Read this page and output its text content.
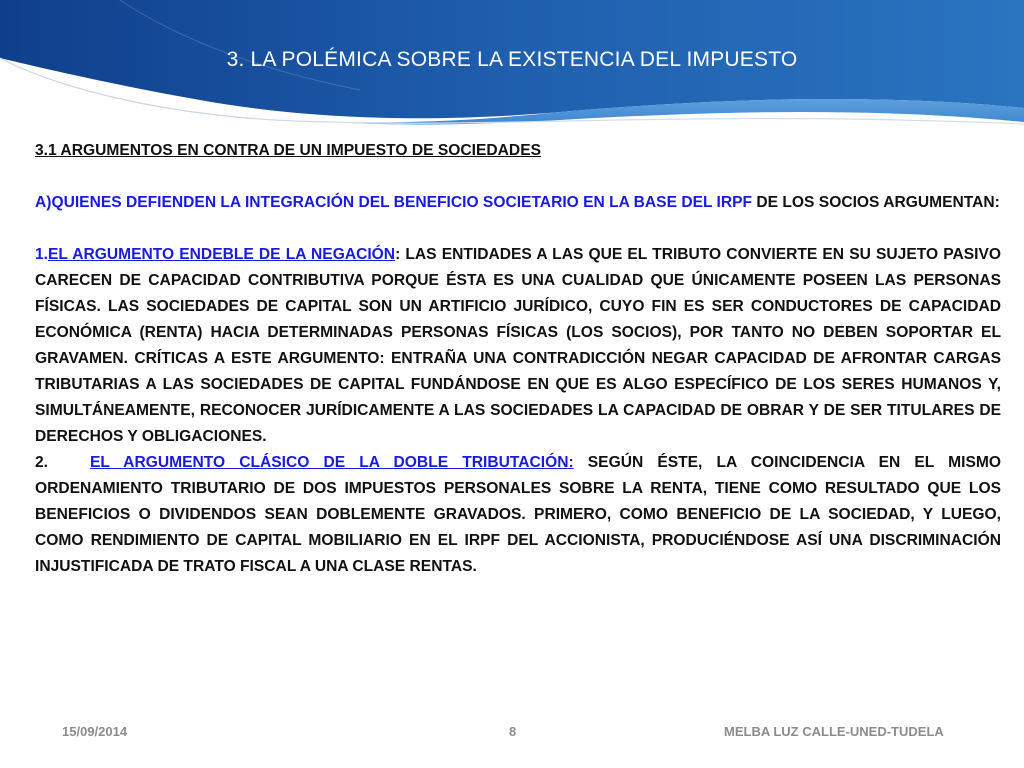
3. LA POLÉMICA SOBRE LA EXISTENCIA DEL IMPUESTO

3.1 ARGUMENTOS EN CONTRA DE UN IMPUESTO DE SOCIEDADES

A)QUIENES DEFIENDEN LA INTEGRACIÓN DEL BENEFICIO SOCIETARIO EN LA BASE DEL IRPF DE LOS SOCIOS ARGUMENTAN:

1.EL ARGUMENTO ENDEBLE DE LA NEGACIÓN: LAS ENTIDADES A LAS QUE EL TRIBUTO CONVIERTE EN SU SUJETO PASIVO CARECEN DE CAPACIDAD CONTRIBUTIVA PORQUE ÉSTA ES UNA CUALIDAD QUE ÚNICAMENTE POSEEN LAS PERSONAS FÍSICAS. LAS SOCIEDADES DE CAPITAL SON UN ARTIFICIO JURÍDICO, CUYO FIN ES SER CONDUCTORES DE CAPACIDAD ECONÓMICA (RENTA) HACIA DETERMINADAS PERSONAS FÍSICAS (LOS SOCIOS), POR TANTO NO DEBEN SOPORTAR EL GRAVAMEN. CRÍTICAS A ESTE ARGUMENTO: ENTRAÑA UNA CONTRADICCIÓN NEGAR CAPACIDAD DE AFRONTAR CARGAS TRIBUTARIAS A LAS SOCIEDADES DE CAPITAL FUNDÁNDOSE EN QUE ES ALGO ESPECÍFICO DE LOS SERES HUMANOS Y, SIMULTÁNEAMENTE, RECONOCER JURÍDICAMENTE A LAS SOCIEDADES LA CAPACIDAD DE OBRAR Y DE SER TITULARES DE DERECHOS Y OBLIGACIONES.

2.	EL ARGUMENTO CLÁSICO DE LA DOBLE TRIBUTACIÓN: SEGÚN ÉSTE, LA COINCIDENCIA EN EL MISMO ORDENAMIENTO TRIBUTARIO DE DOS IMPUESTOS PERSONALES SOBRE LA RENTA, TIENE COMO RESULTADO QUE LOS BENEFICIOS O DIVIDENDOS SEAN DOBLEMENTE GRAVADOS. PRIMERO, COMO BENEFICIO DE LA SOCIEDAD, Y LUEGO, COMO RENDIMIENTO DE CAPITAL MOBILIARIO EN EL IRPF DEL ACCIONISTA, PRODUCIÉNDOSE ASÍ UNA DISCRIMINACIÓN INJUSTIFICADA DE TRATO FISCAL A UNA CLASE RENTAS.

15/09/2014	8	MELBA LUZ CALLE-UNED-TUDELA
